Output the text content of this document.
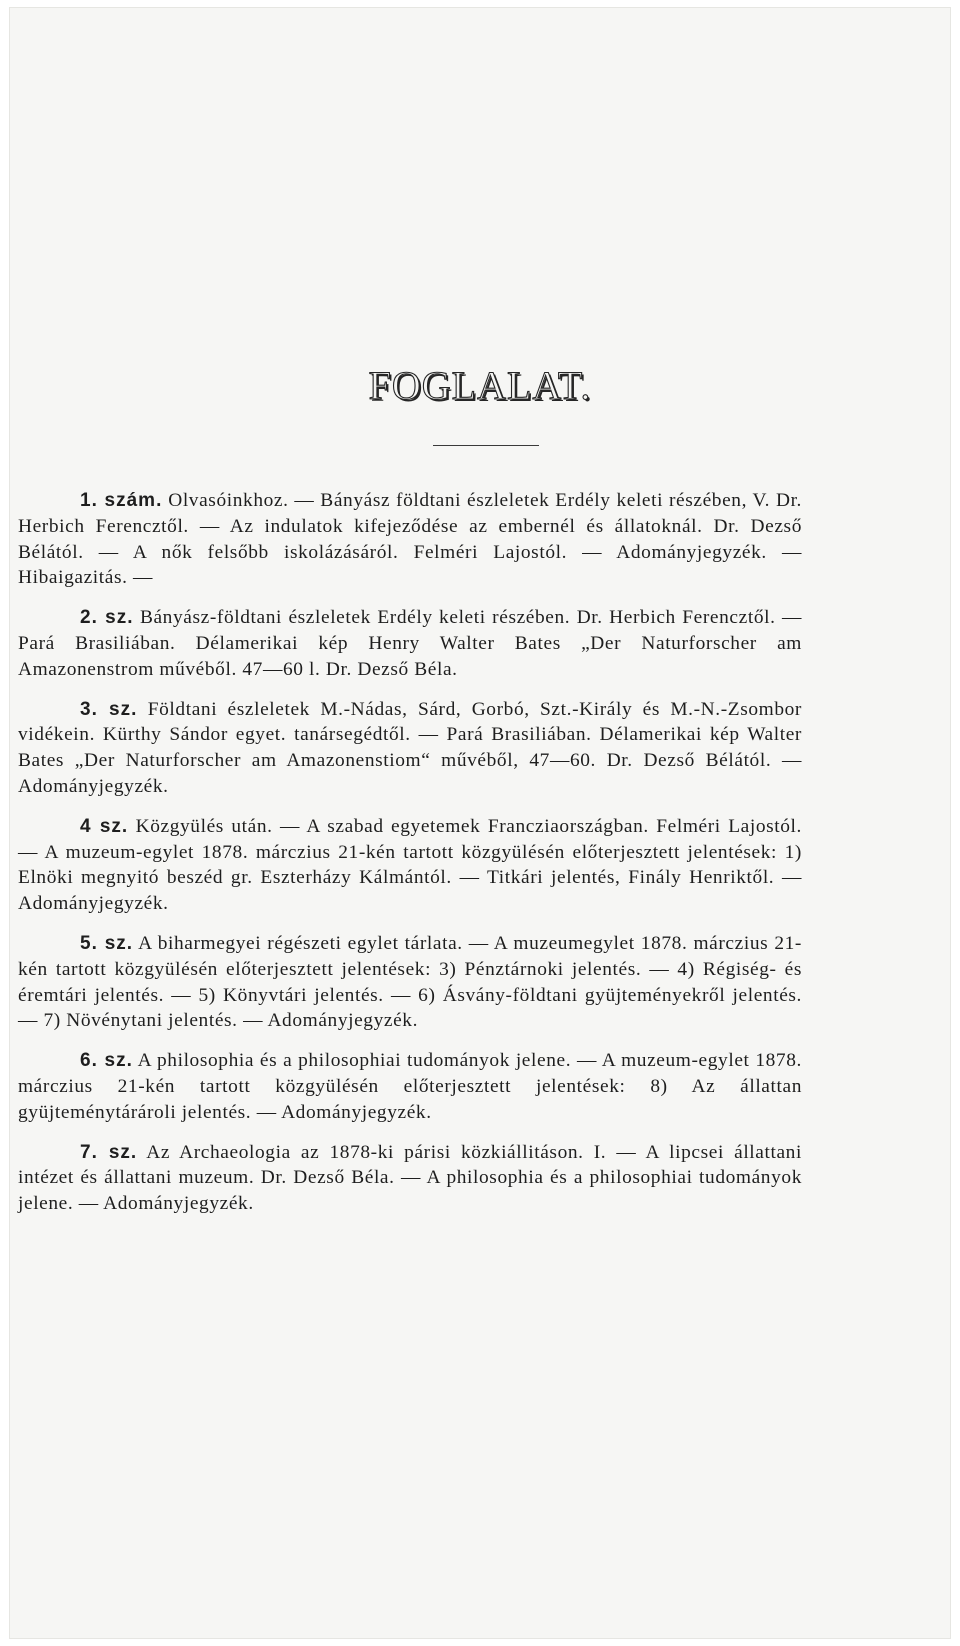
FOGLALAT.

1. szám. Olvasóinkhoz. — Bányász földtani észleletek Erdély keleti részében, V. Dr. Herbich Ferencztől. — Az indulatok kifejeződése az embernél és állatoknál. Dr. Dezső Bélától. — A nők felsőbb iskolázásáról. Felméri Lajostól. — Adományjegyzék. — Hibaigazitás. —

2. sz. Bányász-földtani észleletek Erdély keleti részében. Dr. Herbich Ferencztől. — Pará Brasiliában. Délamerikai kép Henry Walter Bates „Der Naturforscher am Amazonenstrom művéből. 47—60 l. Dr. Dezső Béla.

3. sz. Földtani észleletek M.-Nádas, Sárd, Gorbó, Szt.-Király és M.-N.-Zsombor vidékein. Kürthy Sándor egyet. tanársegédtől. — Pará Brasiliában. Délamerikai kép Walter Bates „Der Naturforscher am Amazonenstiom“ művéből, 47—60. Dr. Dezső Bélától. — Adományjegyzék.

4 sz. Közgyülés után. — A szabad egyetemek Francziaországban. Felméri Lajostól. — A muzeum-egylet 1878. márczius 21-kén tartott közgyülésén előterjesztett jelentések: 1) Elnöki megnyitó beszéd gr. Eszterházy Kálmántól. — Titkári jelentés, Finály Henriktől. — Adományjegyzék.

5. sz. A biharmegyei régészeti egylet tárlata. — A muzeumegylet 1878. márczius 21-kén tartott közgyülésén előterjesztett jelentések: 3) Pénztárnoki jelentés. — 4) Régiség- és éremtári jelentés. — 5) Könyvtári jelentés. — 6) Ásvány-földtani gyüjteményekről jelentés. — 7) Növénytani jelentés. — Adományjegyzék.

6. sz. A philosophia és a philosophiai tudományok jelene. — A muzeum-egylet 1878. márczius 21-kén tartott közgyülésén előterjesztett jelentések: 8) Az állattan gyüjteménytárároli jelentés. — Adományjegyzék.

7. sz. Az Archaeologia az 1878-ki párisi közkiállitáson. I. — A lipcsei állattani intézet és állattani muzeum. Dr. Dezső Béla. — A philosophia és a philosophiai tudományok jelene. — Adományjegyzék.
